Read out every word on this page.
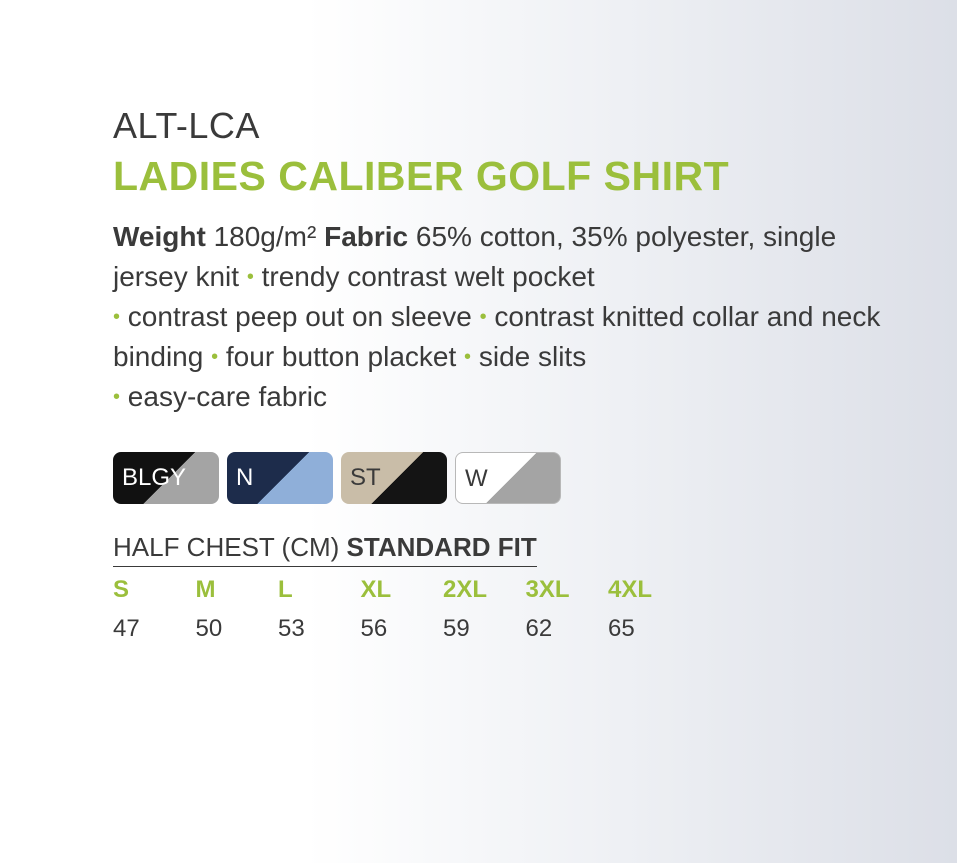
ALT-LCA
LADIES CALIBER GOLF SHIRT
Weight 180g/m² Fabric 65% cotton, 35% polyester, single jersey knit • trendy contrast welt pocket
• contrast peep out on sleeve • contrast knitted collar and neck binding • four button placket • side slits
• easy-care fabric
BLGY N	ST	W
HALF CHEST (CM) STANDARD FIT
S
47
M
50
L
53
XL
56
2XL
59
3XL
62
4XL
65
